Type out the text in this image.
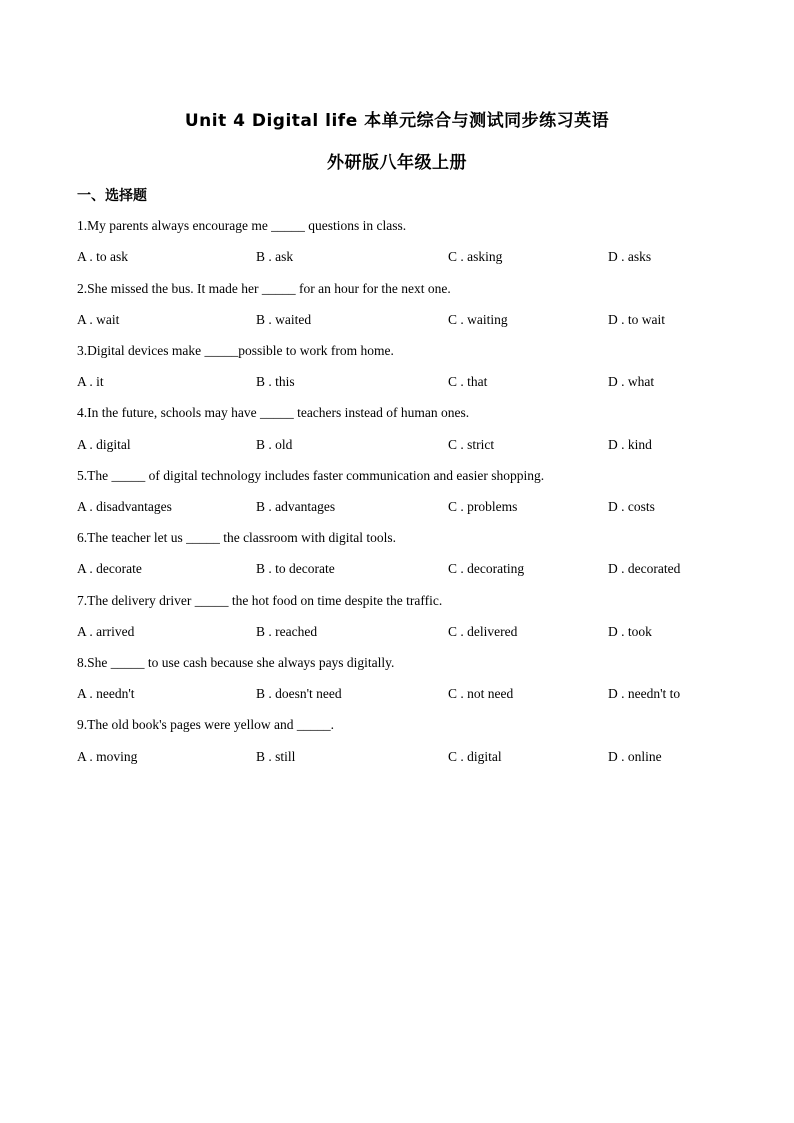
Unit 4 Digital life 本单元综合与测试同步练习英语
外研版八年级上册
一、选择题
1.My parents always encourage me _____ questions in class.
A . to ask	B . ask	C . asking	D . asks
2.She missed the bus. It made her _____ for an hour for the next one.
A . wait	B . waited	C . waiting	D . to wait
3.Digital devices make _____possible to work from home.
A . it	B . this	C . that	D . what
4.In the future, schools may have _____ teachers instead of human ones.
A . digital	B . old	C . strict	D . kind
5.The _____ of digital technology includes faster communication and easier shopping.
A . disadvantages	B . advantages	C . problems	D . costs
6.The teacher let us _____ the classroom with digital tools.
A . decorate	B . to decorate	C . decorating	D . decorated
7.The delivery driver _____ the hot food on time despite the traffic.
A . arrived	B . reached	C . delivered	D . took
8.She _____ to use cash because she always pays digitally.
A . needn't	B . doesn't need	C . not need	D . needn't to
9.The old book's pages were yellow and _____.
A . moving	B . still	C . digital	D . online
